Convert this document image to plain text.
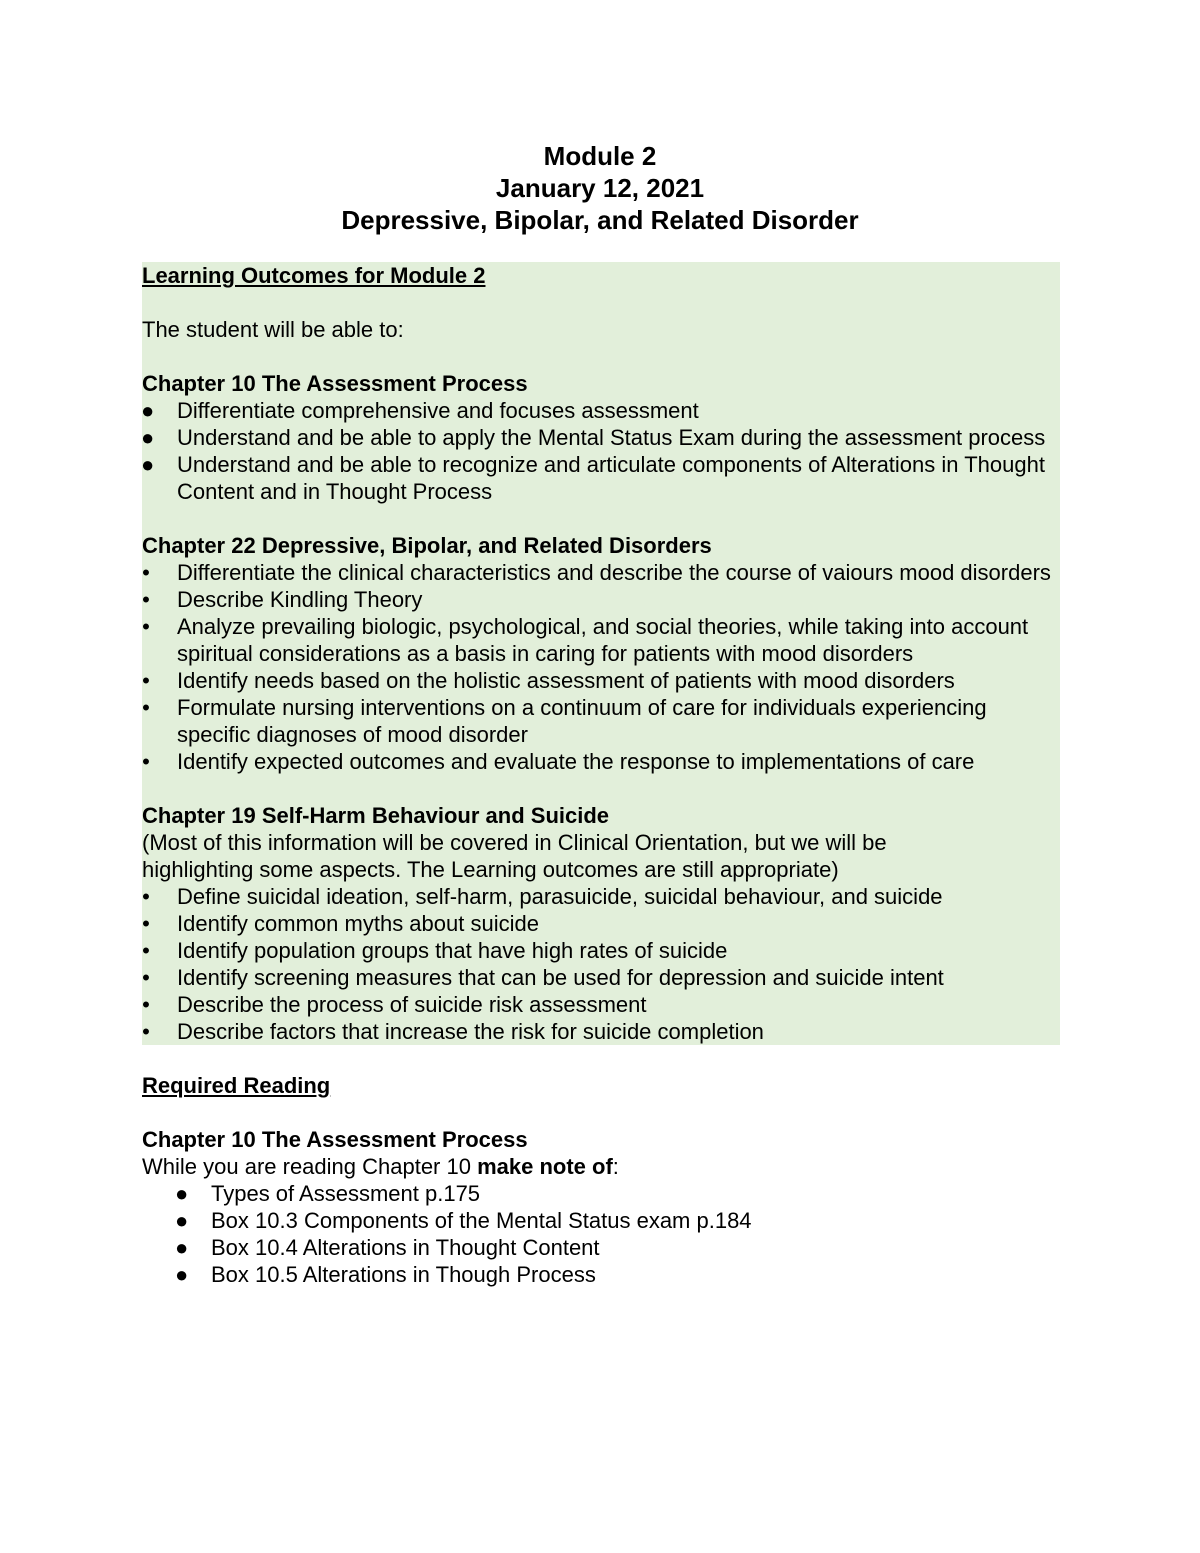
Module 2
January 12, 2021
Depressive, Bipolar, and Related Disorder
Learning Outcomes for Module 2
The student will be able to:
Chapter 10 The Assessment Process
● Differentiate comprehensive and focuses assessment
● Understand and be able to apply the Mental Status Exam during the assessment process
● Understand and be able to recognize and articulate components of Alterations in Thought Content and in Thought Process
Chapter 22 Depressive, Bipolar, and Related Disorders
• Differentiate the clinical characteristics and describe the course of vaiours mood disorders
• Describe Kindling Theory
• Analyze prevailing biologic, psychological, and social theories, while taking into account spiritual considerations as a basis in caring for patients with mood disorders
• Identify needs based on the holistic assessment of patients with mood disorders
• Formulate nursing interventions on a continuum of care for individuals experiencing specific diagnoses of mood disorder
• Identify expected outcomes and evaluate the response to implementations of care
Chapter 19 Self-Harm Behaviour and Suicide
(Most of this information will be covered in Clinical Orientation, but we will be
highlighting some aspects. The Learning outcomes are still appropriate)
• Define suicidal ideation, self-harm, parasuicide, suicidal behaviour, and suicide
• Identify common myths about suicide
• Identify population groups that have high rates of suicide
• Identify screening measures that can be used for depression and suicide intent
• Describe the process of suicide risk assessment
• Describe factors that increase the risk for suicide completion
Required Reading
Chapter 10 The Assessment Process
While you are reading Chapter 10 make note of:
● Types of Assessment p.175
● Box 10.3 Components of the Mental Status exam p.184
● Box 10.4 Alterations in Thought Content
● Box 10.5 Alterations in Though Process
